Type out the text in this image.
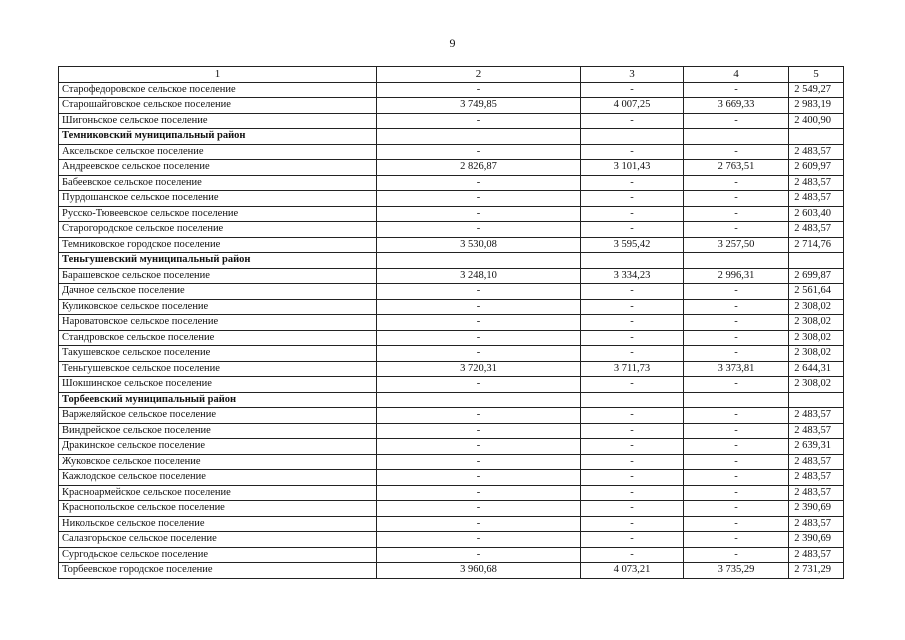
9
1	2	3	4	5
Старофедоровское сельское поселение	-	-	-	2 549,27
Старошайговское сельское поселение	3 749,85	4 007,25	3 669,33	2 983,19
Шигоньское сельское поселение	-	-	-	2 400,90
Темниковский муниципальный район				
Аксельское сельское поселение	-	-	-	2 483,57
Андреевское сельское поселение	2 826,87	3 101,43	2 763,51	2 609,97
Бабеевское сельское поселение	-	-	-	2 483,57
Пурдошанское сельское поселение	-	-	-	2 483,57
Русско-Тювеевское сельское поселение	-	-	-	2 603,40
Старогородское сельское поселение	-	-	-	2 483,57
Темниковское городское поселение	3 530,08	3 595,42	3 257,50	2 714,76
Теньгушевский муниципальный район				
Барашевское сельское поселение	3 248,10	3 334,23	2 996,31	2 699,87
Дачное сельское поселение	-	-	-	2 561,64
Куликовское сельское поселение	-	-	-	2 308,02
Нароватовское сельское поселение	-	-	-	2 308,02
Стандровское сельское поселение	-	-	-	2 308,02
Такушевское сельское поселение	-	-	-	2 308,02
Теньгушевское сельское поселение	3 720,31	3 711,73	3 373,81	2 644,31
Шокшинское сельское поселение	-	-	-	2 308,02
Торбеевский муниципальный район				
Варжеляйское сельское поселение	-	-	-	2 483,57
Виндрейское сельское поселение	-	-	-	2 483,57
Дракинское сельское поселение	-	-	-	2 639,31
Жуковское сельское поселение	-	-	-	2 483,57
Кажлодское сельское поселение	-	-	-	2 483,57
Красноармейское сельское поселение	-	-	-	2 483,57
Краснопольское сельское поселение	-	-	-	2 390,69
Никольское сельское поселение	-	-	-	2 483,57
Салазгорьское сельское поселение	-	-	-	2 390,69
Сургодьское сельское поселение	-	-	-	2 483,57
Торбеевское городское поселение	3 960,68	4 073,21	3 735,29	2 731,29
